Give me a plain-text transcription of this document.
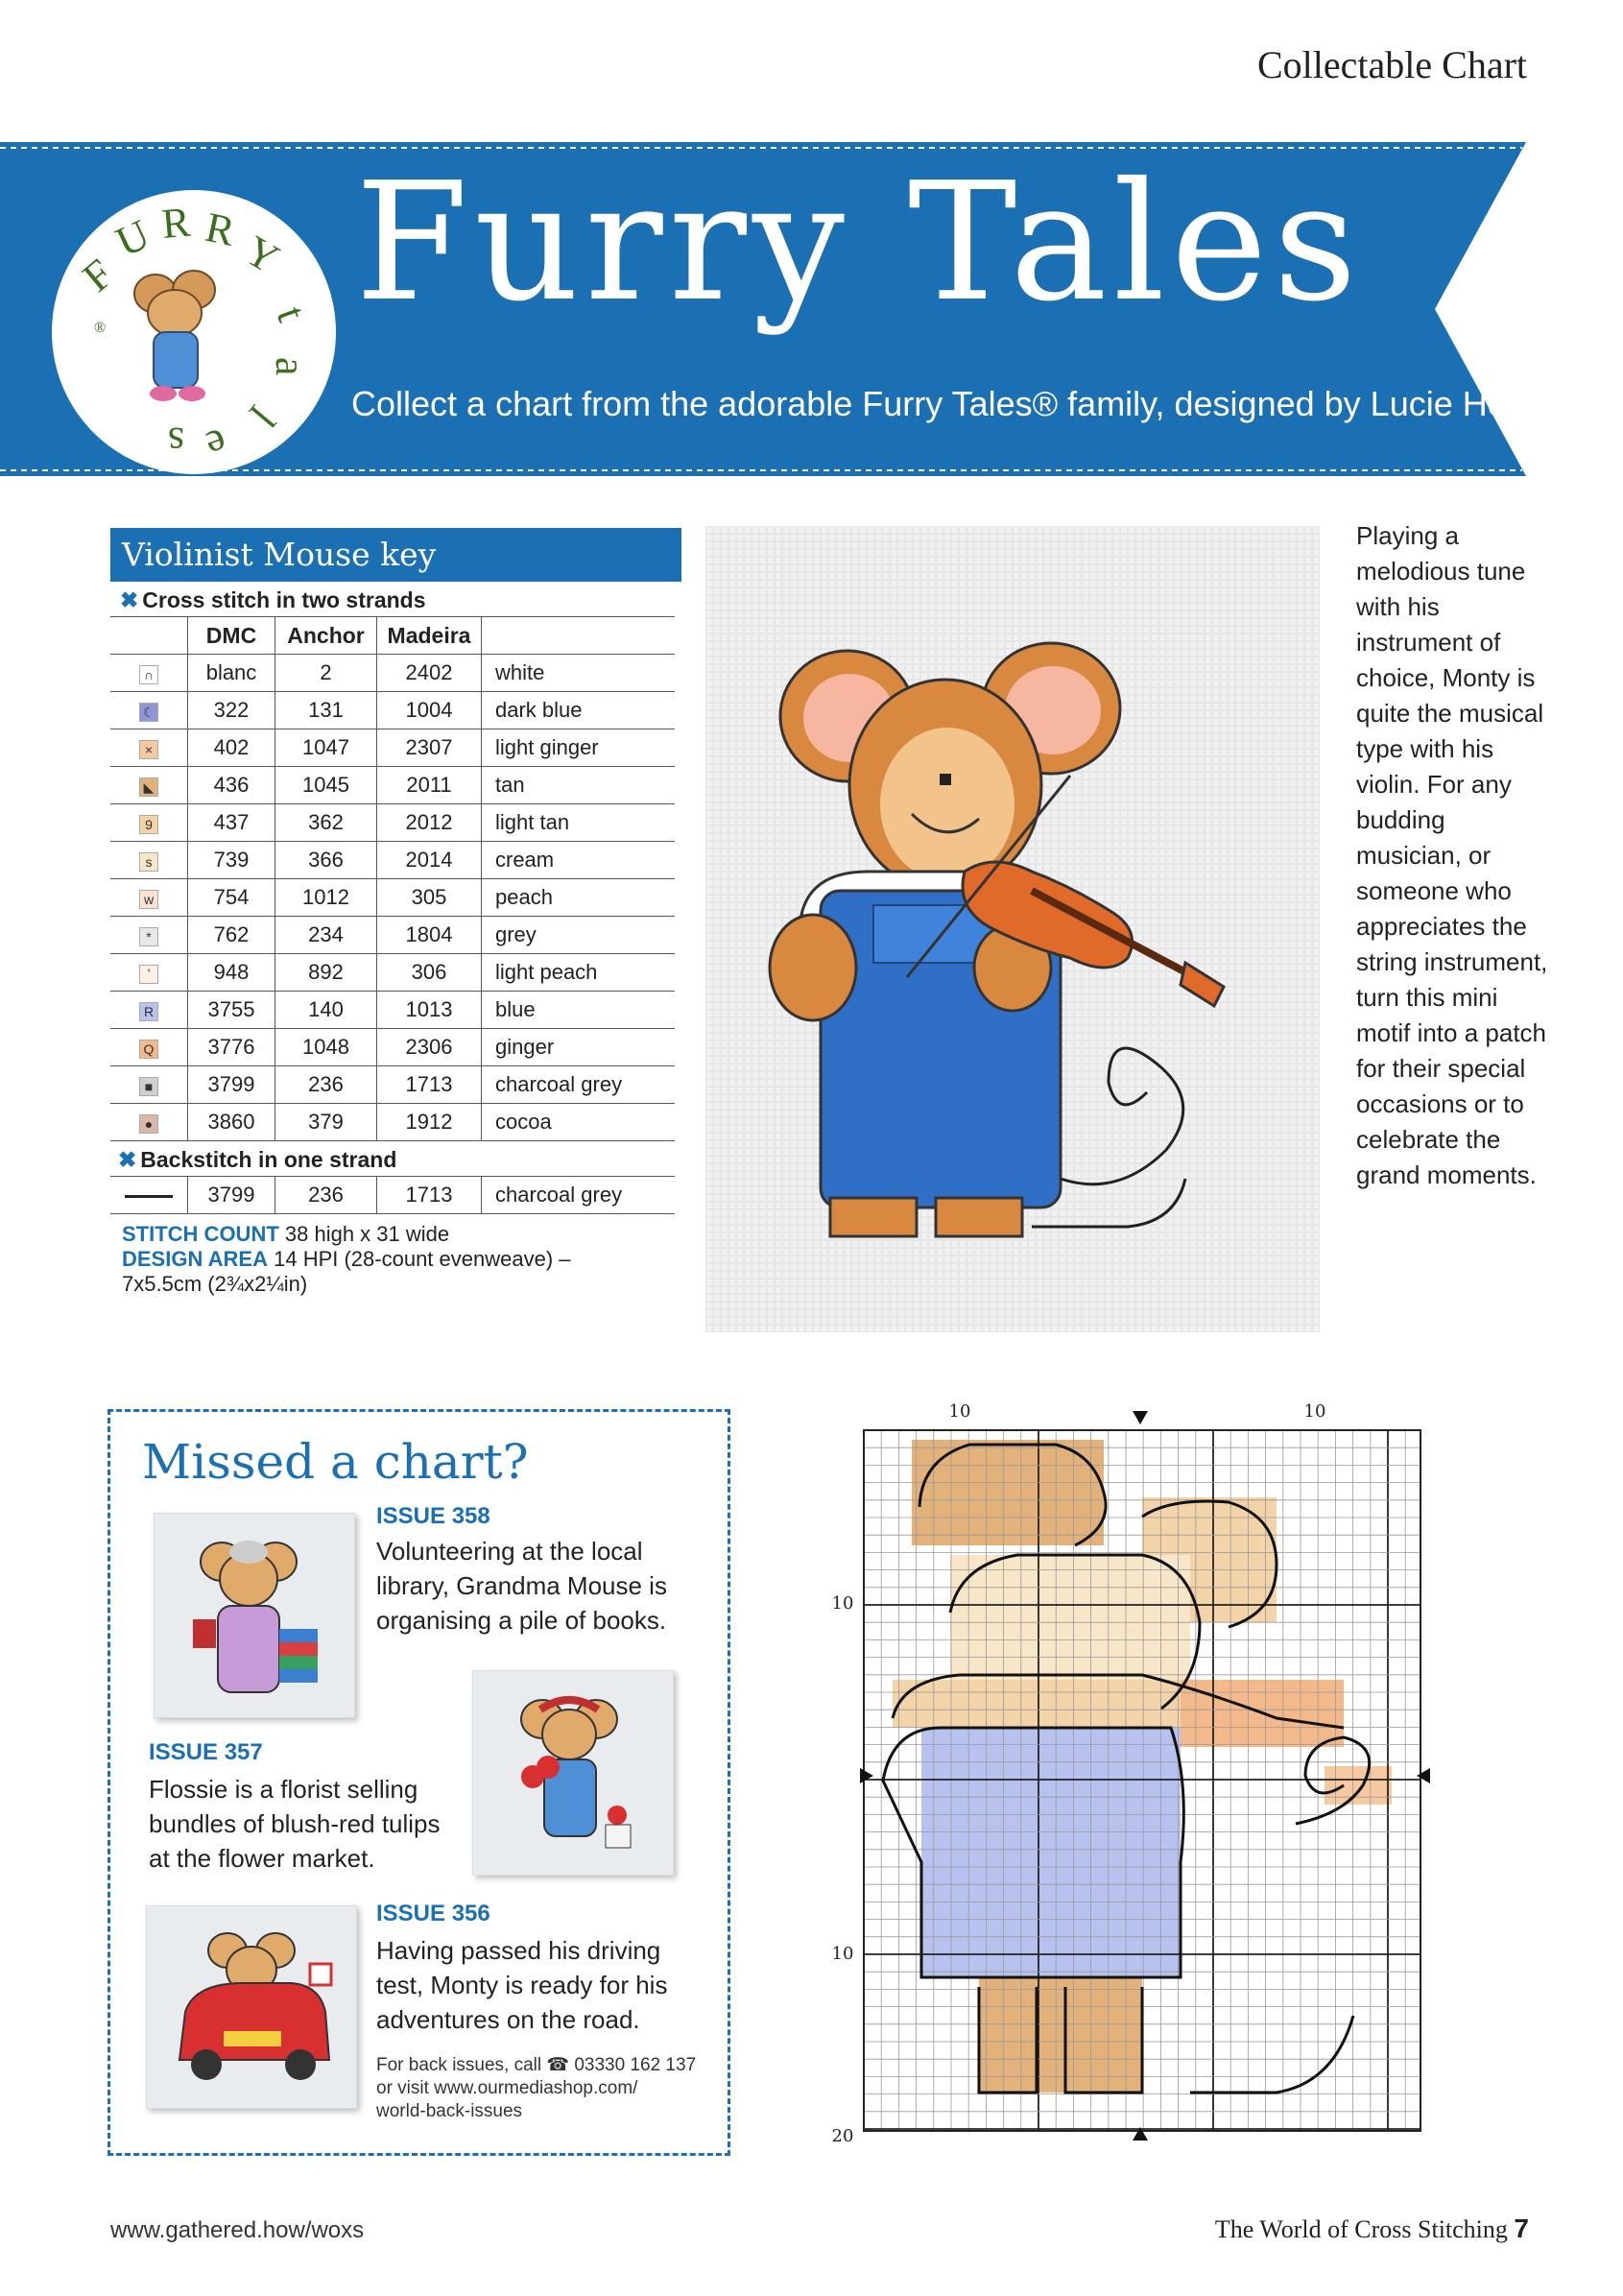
Collectable Chart
Furry Tales
Collect a chart from the adorable Furry Tales® family, designed by Lucie Heaton
F
U R R
Y
t
a
l
e
s
®
Violinist Mouse key
✖ Cross stitch in two strands
	DMC	Anchor	Madeira	
∩	blanc	2	2402	white
☾	322	131	1004	dark blue
×	402	1047	2307	light ginger
◣	436	1045	2011	tan
9	437	362	2012	light tan
s	739	366	2014	cream
w	754	1012	305	peach
*	762	234	1804	grey
ʼ	948	892	306	light peach
R	3755	140	1013	blue
Q	3776	1048	2306	ginger
■	3799	236	1713	charcoal grey
●	3860	379	1912	cocoa

✖ Backstitch in one strand				

	3799	236	1713	charcoal grey
STITCH COUNT 38 high x 31 wide
DESIGN AREA 14 HPI (28-count evenweave) –
7x5.5cm (2¾x2¼in)
Playing a melodious tune with his instrument of choice, Monty is quite the musical type with his violin. For any budding musician, or someone who appreciates the string instrument, turn this mini motif into a patch for their special occasions or to celebrate the grand moments.
Missed a chart?
ISSUE 358
Volunteering at the local
library, Grandma Mouse is
organising a pile of books.
ISSUE 357
Flossie is a florist selling
bundles of blush-red tulips
at the flower market.
ISSUE 356
Having passed his driving
test, Monty is ready for his
adventures on the road.
For back issues, call ☎ 03330 162 137
or visit www.ourmediashop.com/
world-back-issues
10	10
10
10
20
www.gathered.how/woxs	The World of Cross Stitching 7
